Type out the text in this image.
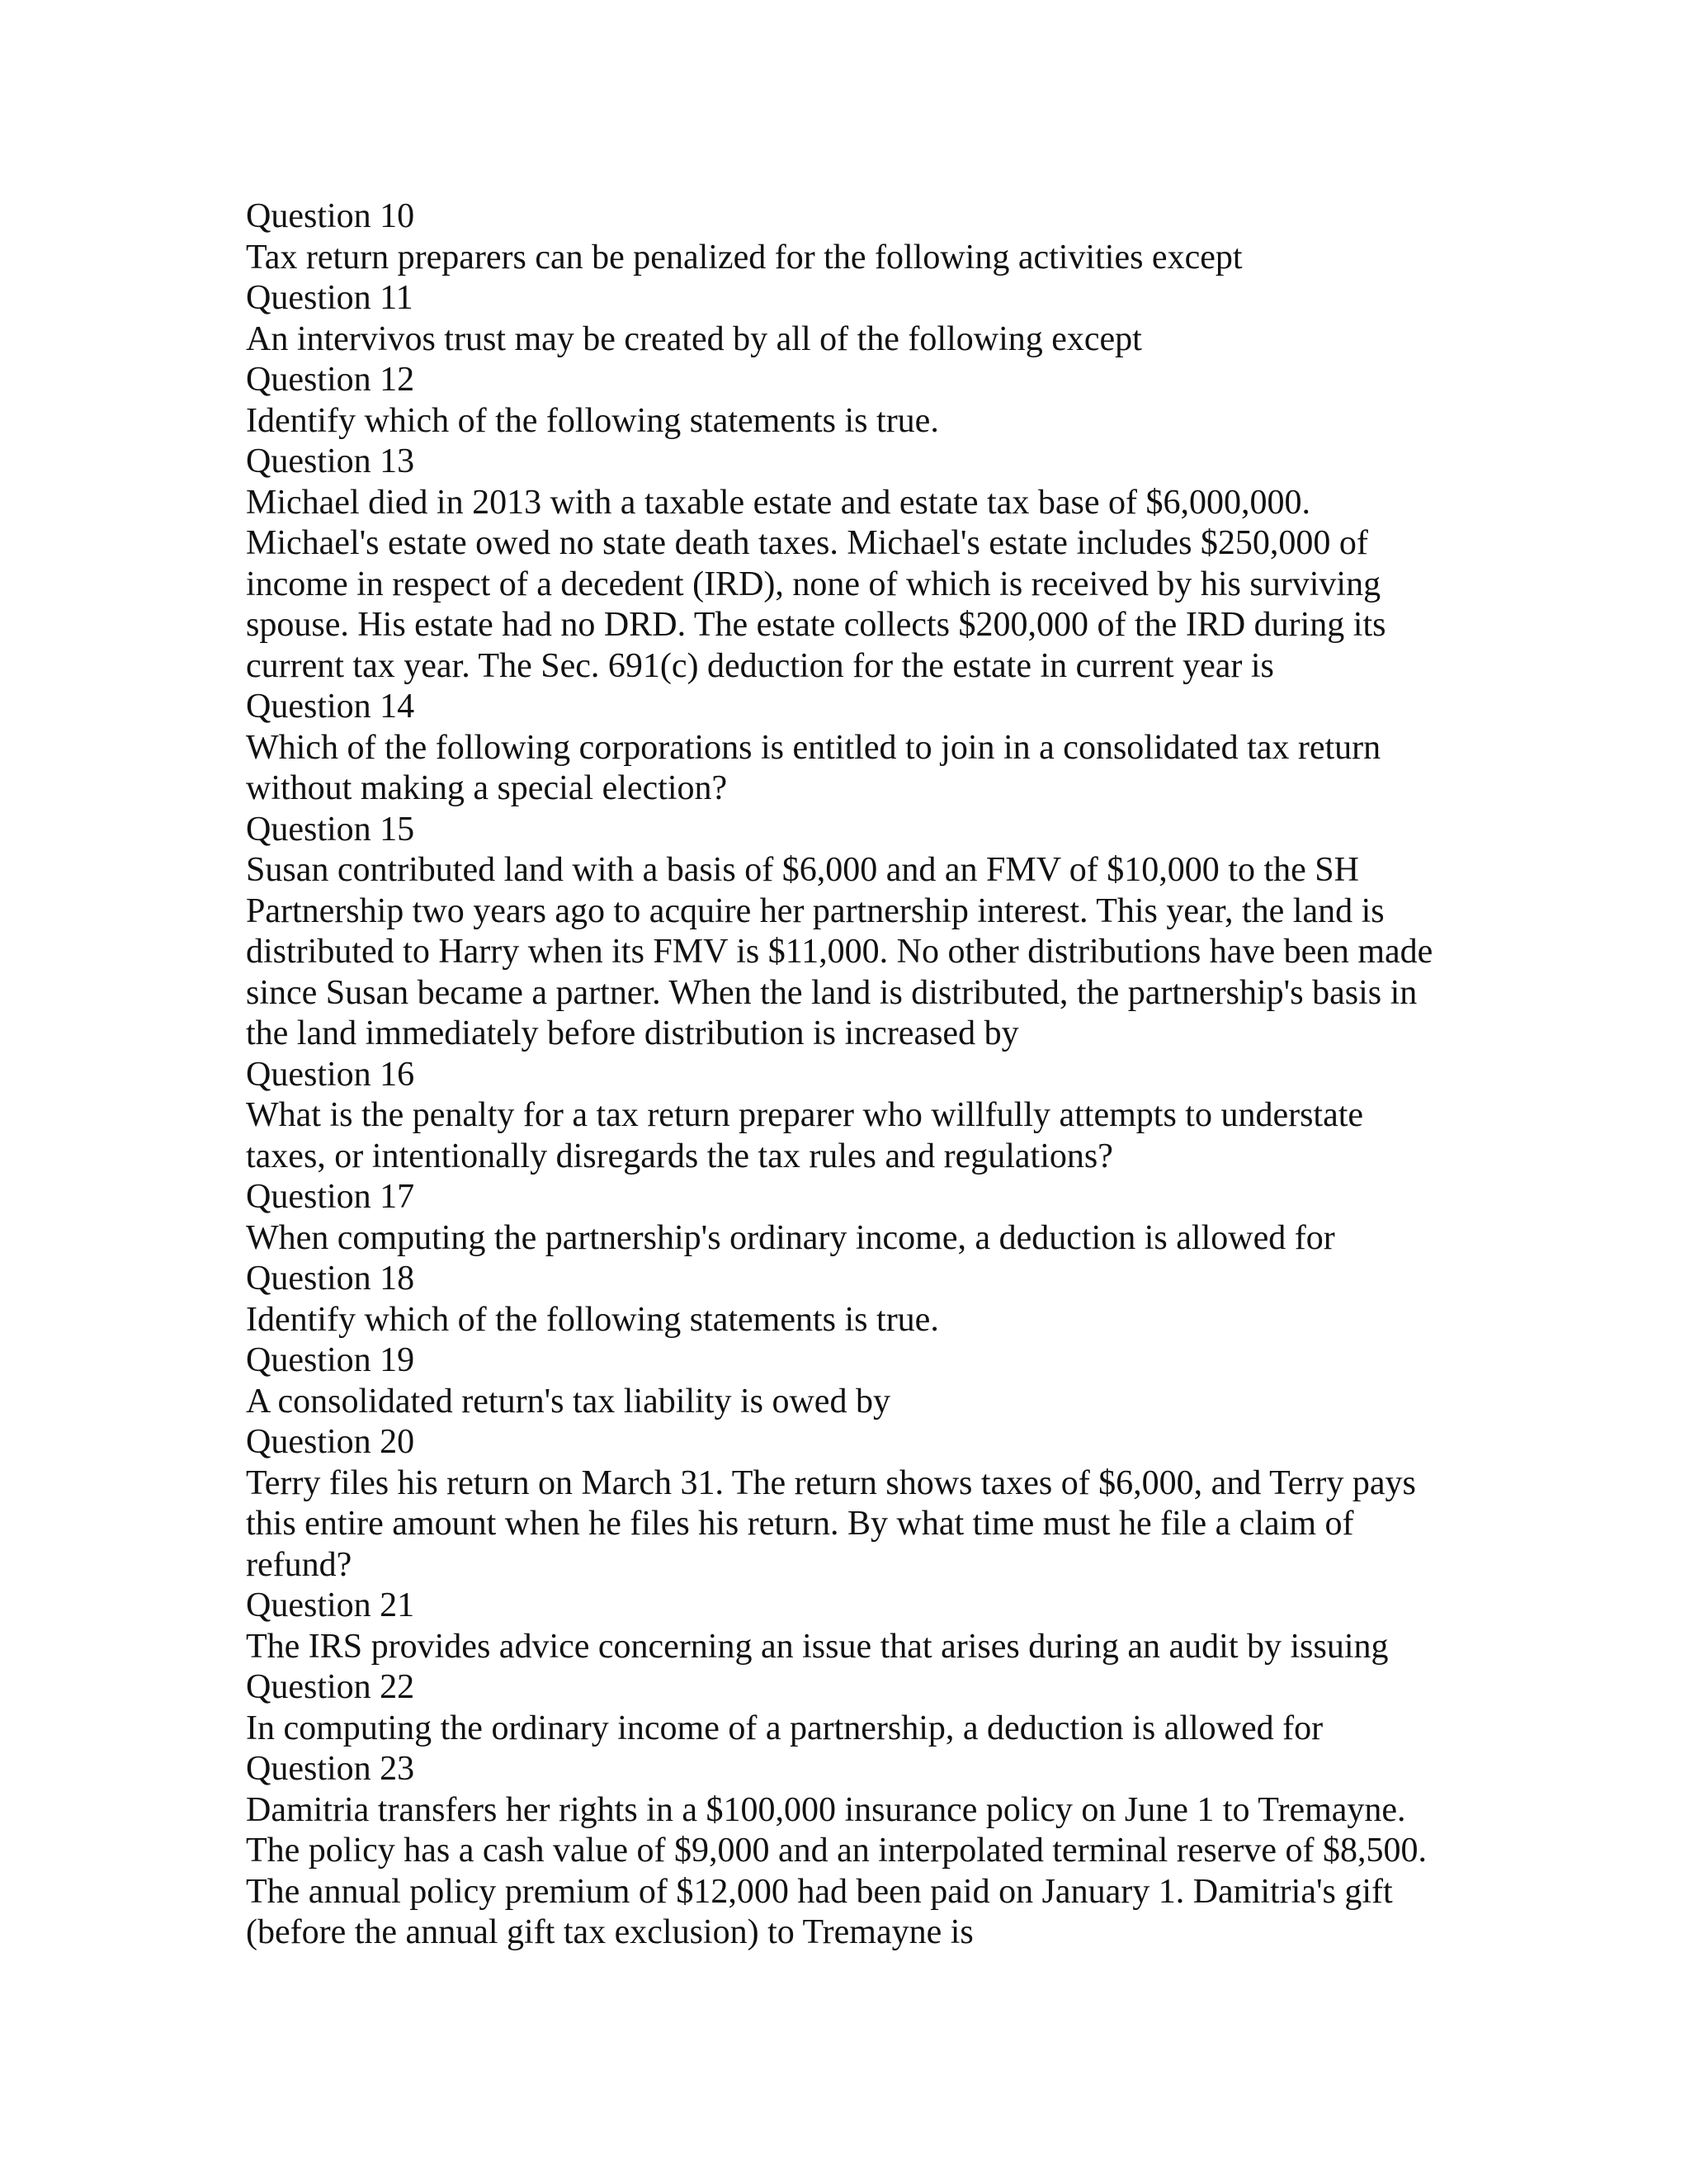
Question 10
Tax return preparers can be penalized for the following activities except
Question 11
An intervivos trust may be created by all of the following except
Question 12
Identify which of the following statements is true.
Question 13
Michael died in 2013 with a taxable estate and estate tax base of $6,000,000. Michael's estate owed no state death taxes. Michael's estate includes $250,000 of income in respect of a decedent (IRD), none of which is received by his surviving spouse. His estate had no DRD. The estate collects $200,000 of the IRD during its current tax year. The Sec. 691(c) deduction for the estate in current year is
Question 14
Which of the following corporations is entitled to join in a consolidated tax return without making a special election?
Question 15
Susan contributed land with a basis of $6,000 and an FMV of $10,000 to the SH Partnership two years ago to acquire her partnership interest. This year, the land is distributed to Harry when its FMV is $11,000. No other distributions have been made since Susan became a partner. When the land is distributed, the partnership's basis in the land immediately before distribution is increased by
Question 16
What is the penalty for a tax return preparer who willfully attempts to understate taxes, or intentionally disregards the tax rules and regulations?
Question 17
When computing the partnership's ordinary income, a deduction is allowed for
Question 18
Identify which of the following statements is true.
Question 19
A consolidated return's tax liability is owed by
Question 20
Terry files his return on March 31. The return shows taxes of $6,000, and Terry pays this entire amount when he files his return. By what time must he file a claim of refund?
Question 21
The IRS provides advice concerning an issue that arises during an audit by issuing
Question 22
In computing the ordinary income of a partnership, a deduction is allowed for
Question 23
Damitria transfers her rights in a $100,000 insurance policy on June 1 to Tremayne. The policy has a cash value of $9,000 and an interpolated terminal reserve of $8,500. The annual policy premium of $12,000 had been paid on January 1. Damitria's gift (before the annual gift tax exclusion) to Tremayne is
